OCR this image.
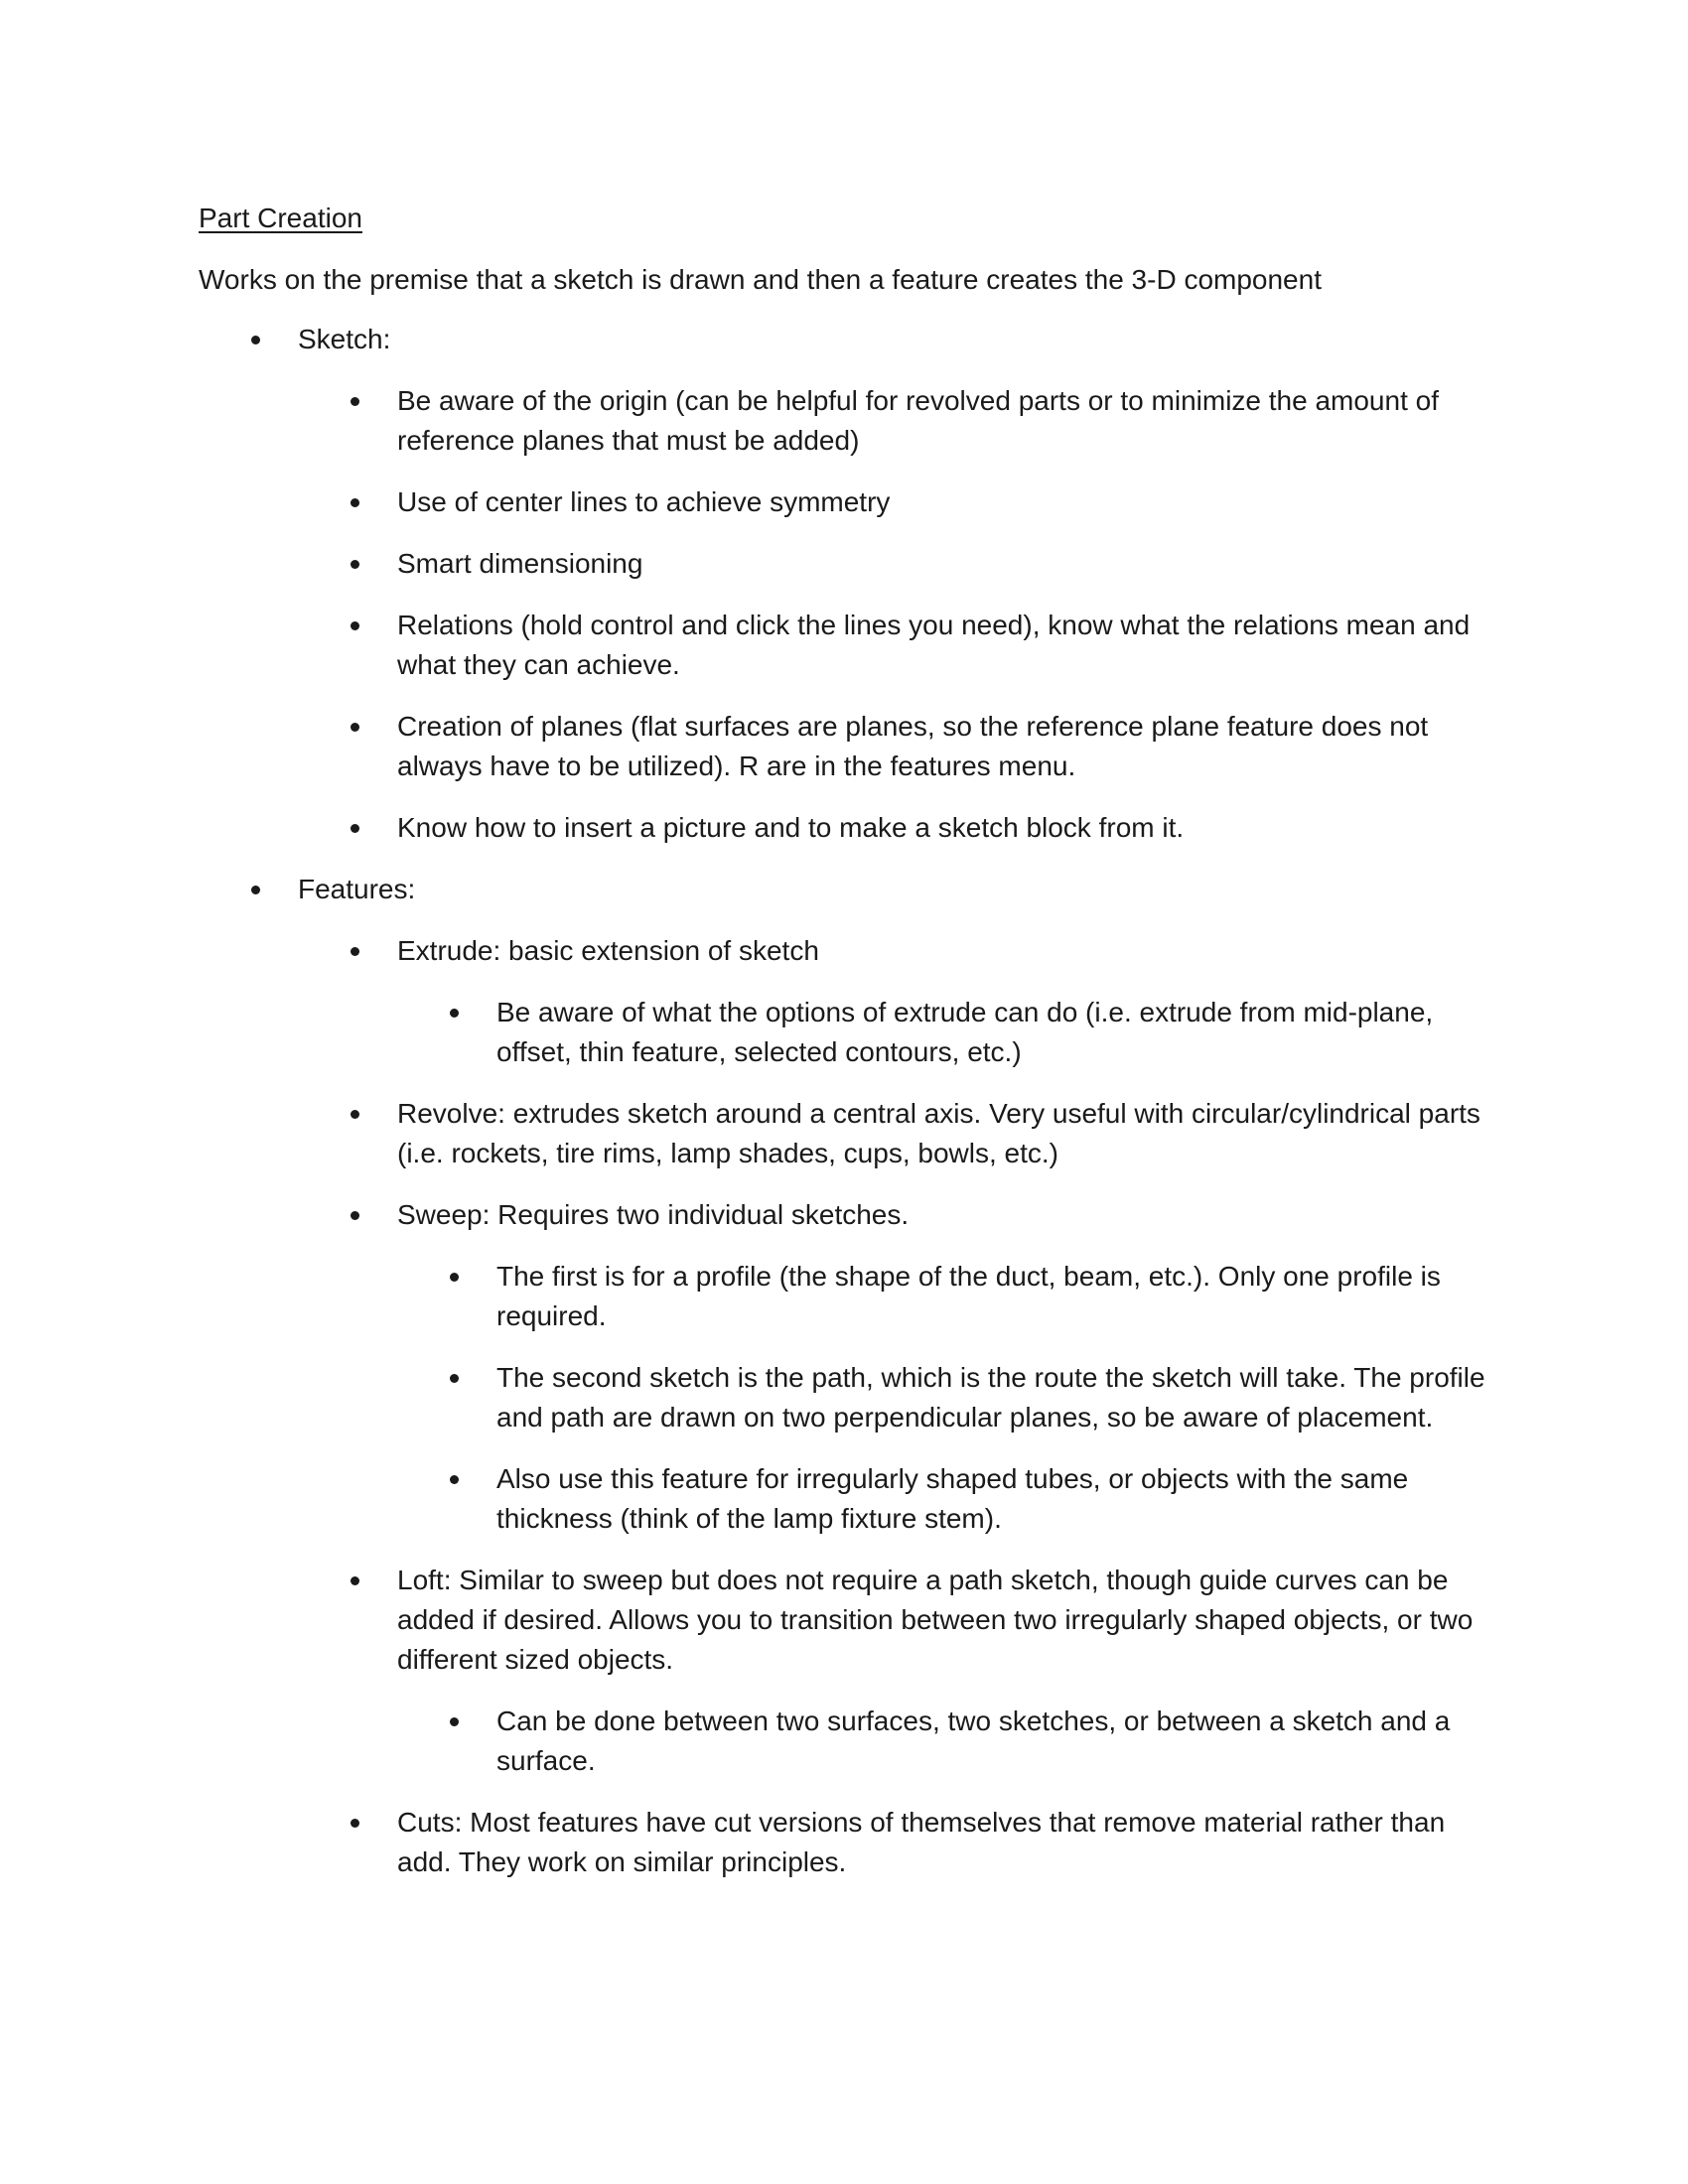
Part Creation
Works on the premise that a sketch is drawn and then a feature creates the 3-D component
Sketch:
Be aware of the origin (can be helpful for revolved parts or to minimize the amount of reference planes that must be added)
Use of center lines to achieve symmetry
Smart dimensioning
Relations (hold control and click the lines you need), know what the relations mean and what they can achieve.
Creation of planes (flat surfaces are planes, so the reference plane feature does not always have to be utilized). R are in the features menu.
Know how to insert a picture and to make a sketch block from it.
Features:
Extrude: basic extension of sketch
Be aware of what the options of extrude can do (i.e. extrude from mid-plane, offset, thin feature, selected contours, etc.)
Revolve: extrudes sketch around a central axis. Very useful with circular/cylindrical parts (i.e. rockets, tire rims, lamp shades, cups, bowls, etc.)
Sweep: Requires two individual sketches.
The first is for a profile (the shape of the duct, beam, etc.). Only one profile is required.
The second sketch is the path, which is the route the sketch will take. The profile and path are drawn on two perpendicular planes, so be aware of placement.
Also use this feature for irregularly shaped tubes, or objects with the same thickness (think of the lamp fixture stem).
Loft: Similar to sweep but does not require a path sketch, though guide curves can be added if desired. Allows you to transition between two irregularly shaped objects, or two different sized objects.
Can be done between two surfaces, two sketches, or between a sketch and a surface.
Cuts: Most features have cut versions of themselves that remove material rather than add. They work on similar principles.
